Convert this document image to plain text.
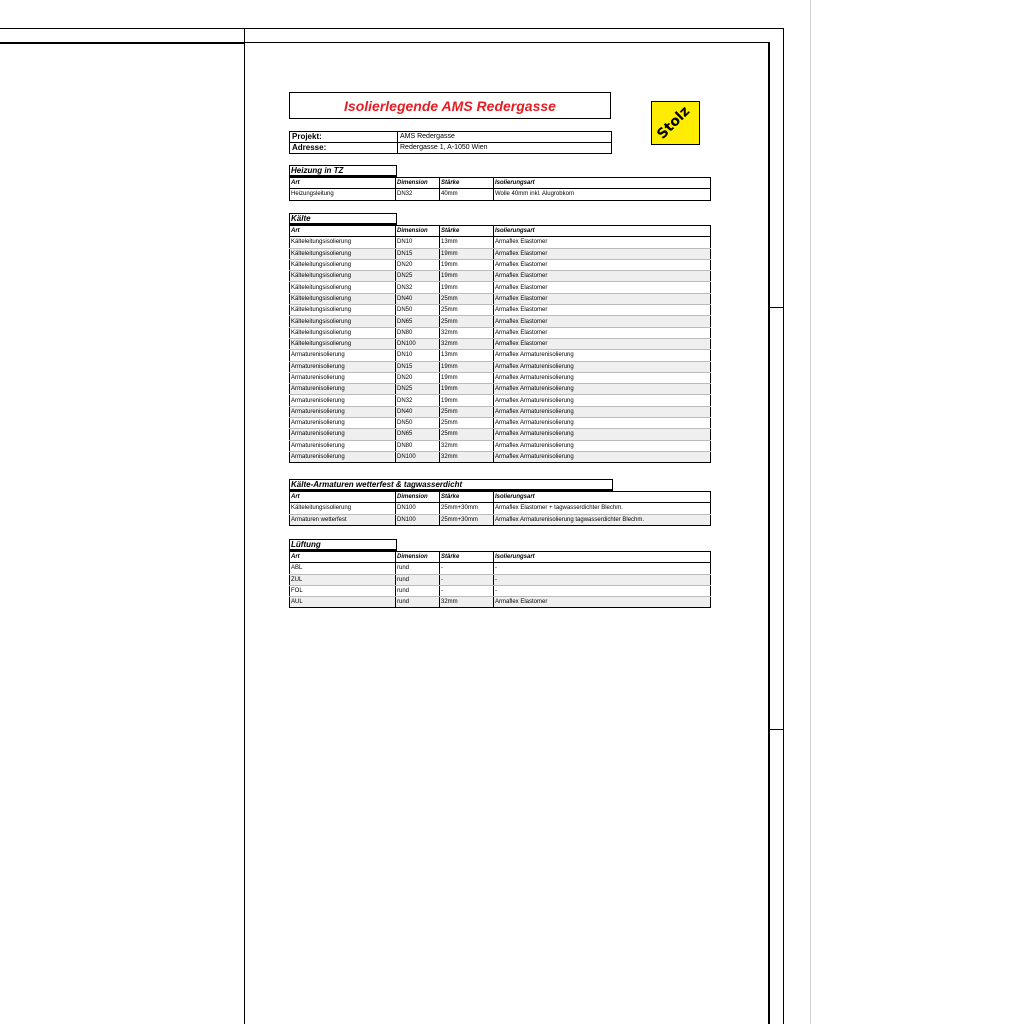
Isolierlegende AMS Redergasse	Stolz
Projekt:	AMS Redergasse
Adresse:	Redergasse 1, A-1050 Wien
Heizung in TZ
Art	Dimension	Stärke	Isolierungsart
Heizungsleitung	DN32	40mm	Wolle 40mm inkl. Alugrobkorn
Kälte
Art	Dimension	Stärke	Isolierungsart
Kälteleitungsisolierung	DN10	13mm	Armaflex Elastomer
Kälteleitungsisolierung	DN15	19mm	Armaflex Elastomer
Kälteleitungsisolierung	DN20	19mm	Armaflex Elastomer
Kälteleitungsisolierung	DN25	19mm	Armaflex Elastomer
Kälteleitungsisolierung	DN32	19mm	Armaflex Elastomer
Kälteleitungsisolierung	DN40	25mm	Armaflex Elastomer
Kälteleitungsisolierung	DN50	25mm	Armaflex Elastomer
Kälteleitungsisolierung	DN65	25mm	Armaflex Elastomer
Kälteleitungsisolierung	DN80	32mm	Armaflex Elastomer
Kälteleitungsisolierung	DN100	32mm	Armaflex Elastomer
Armaturenisolierung	DN10	13mm	Armaflex Armaturenisolierung
Armaturenisolierung	DN15	19mm	Armaflex Armaturenisolierung
Armaturenisolierung	DN20	19mm	Armaflex Armaturenisolierung
Armaturenisolierung	DN25	19mm	Armaflex Armaturenisolierung
Armaturenisolierung	DN32	19mm	Armaflex Armaturenisolierung
Armaturenisolierung	DN40	25mm	Armaflex Armaturenisolierung
Armaturenisolierung	DN50	25mm	Armaflex Armaturenisolierung
Armaturenisolierung	DN65	25mm	Armaflex Armaturenisolierung
Armaturenisolierung	DN80	32mm	Armaflex Armaturenisolierung
Armaturenisolierung	DN100	32mm	Armaflex Armaturenisolierung
Kälte-Armaturen wetterfest & tagwasserdicht
Art	Dimension	Stärke	Isolierungsart
Kälteleitungsisolierung	DN100	25mm+30mm	Armaflex Elastomer + tagwasserdichter Blechm.
Armaturen wetterfest	DN100	25mm+30mm	Armaflex Armaturenisolierung tagwasserdichter Blechm.
Lüftung
Art	Dimension	Stärke	Isolierungsart
ABL	rund	-	-
ZUL	rund	-	-
FOL	rund	-	-
AUL	rund	32mm	Armaflex Elastomer
